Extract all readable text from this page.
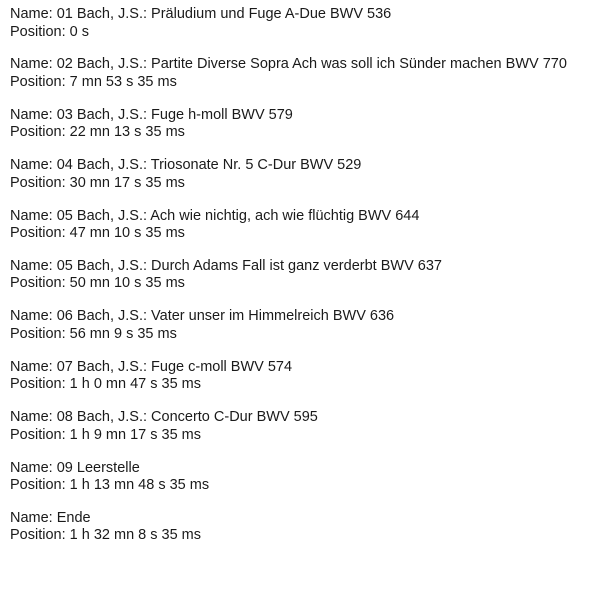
Name: 01 Bach, J.S.: Präludium und Fuge A-Due BWV 536
Position: 0 s
Name: 02 Bach, J.S.: Partite Diverse Sopra Ach was soll ich Sünder machen BWV 770
Position: 7 mn 53 s 35 ms
Name: 03 Bach, J.S.: Fuge h-moll BWV 579
Position: 22 mn 13 s 35 ms
Name: 04 Bach, J.S.: Triosonate Nr. 5 C-Dur BWV 529
Position: 30 mn 17 s 35 ms
Name: 05 Bach, J.S.: Ach wie nichtig, ach wie flüchtig BWV 644
Position: 47 mn 10 s 35 ms
Name: 05 Bach, J.S.: Durch Adams Fall ist ganz verderbt BWV 637
Position: 50 mn 10 s 35 ms
Name: 06 Bach, J.S.: Vater unser im Himmelreich BWV 636
Position: 56 mn 9 s 35 ms
Name: 07 Bach, J.S.: Fuge c-moll BWV 574
Position: 1 h 0 mn 47 s 35 ms
Name: 08 Bach, J.S.: Concerto C-Dur BWV 595
Position: 1 h 9 mn 17 s 35 ms
Name: 09 Leerstelle
Position: 1 h 13 mn 48 s 35 ms
Name: Ende
Position: 1 h 32 mn 8 s 35 ms
